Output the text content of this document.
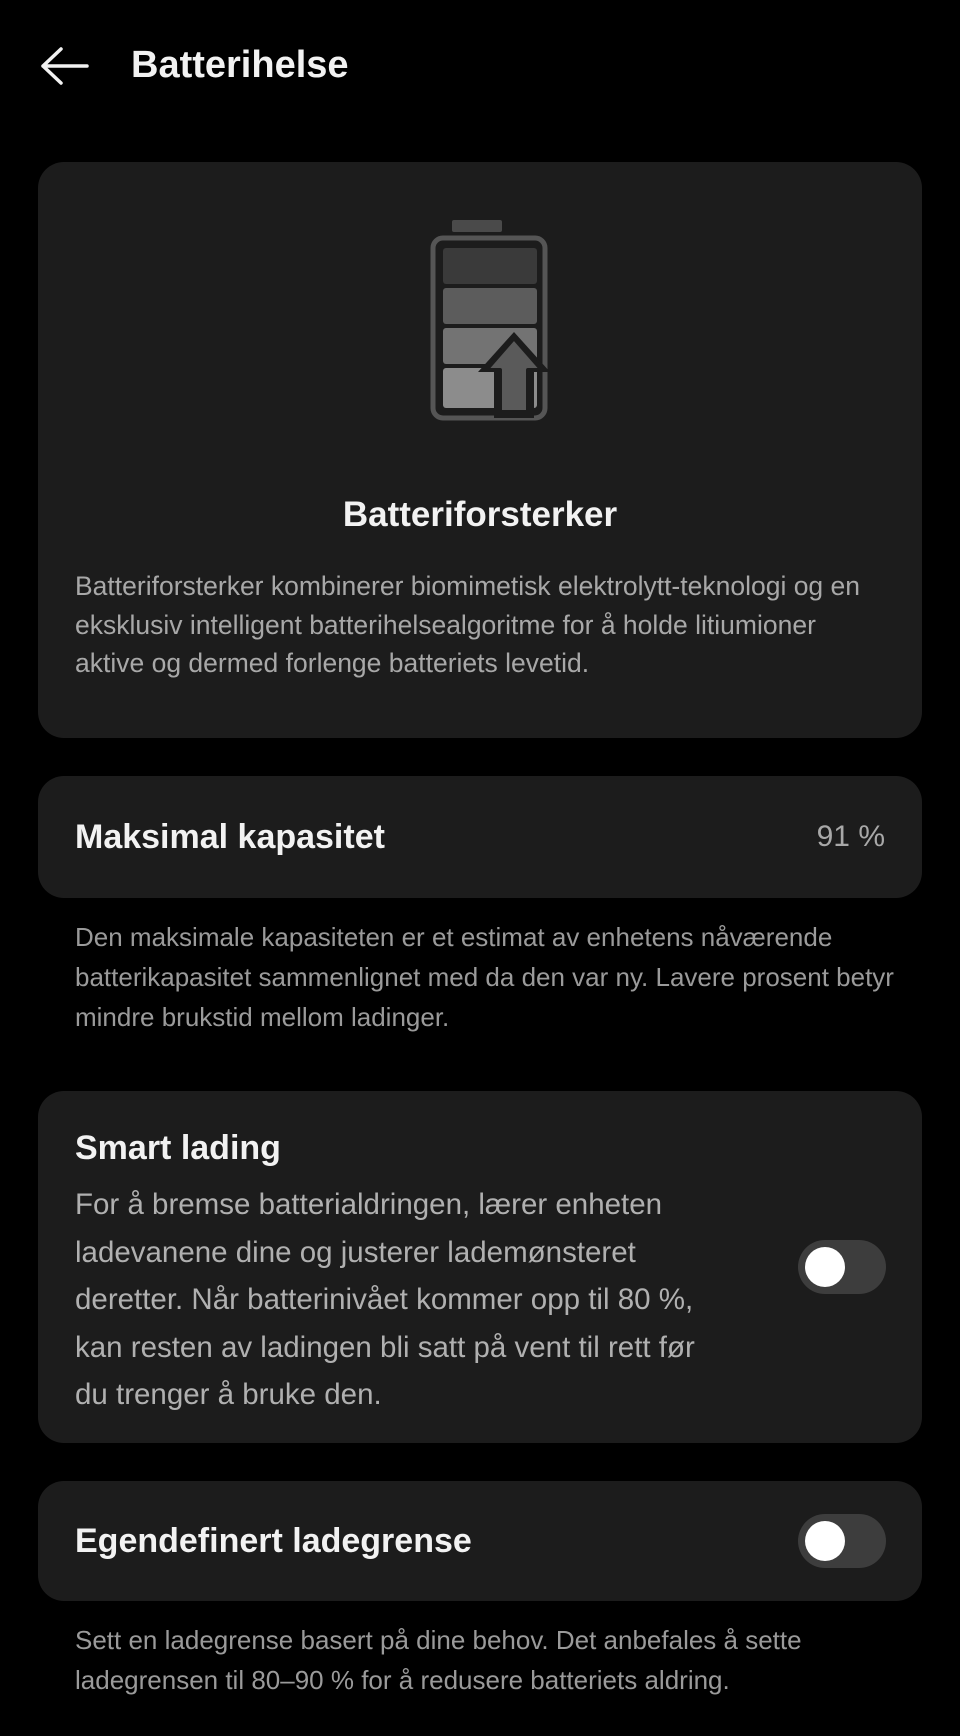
Batterihelse
Batteriforsterker
Batteriforsterker kombinerer biomimetisk elektrolytt-teknologi og en eksklusiv intelligent batterihelsealgoritme for å holde litiumioner aktive og dermed forlenge batteriets levetid.
Maksimal kapasitet	91 %
Den maksimale kapasiteten er et estimat av enhetens nåværende batterikapasitet sammenlignet med da den var ny. Lavere prosent betyr mindre brukstid mellom ladinger.
Smart lading
For å bremse batterialdringen, lærer enheten ladevanene dine og justerer lademønsteret deretter. Når batterinivået kommer opp til 80 %, kan resten av ladingen bli satt på vent til rett før du trenger å bruke den.
Egendefinert ladegrense
Sett en ladegrense basert på dine behov. Det anbefales å sette ladegrensen til 80–90 % for å redusere batteriets aldring.
